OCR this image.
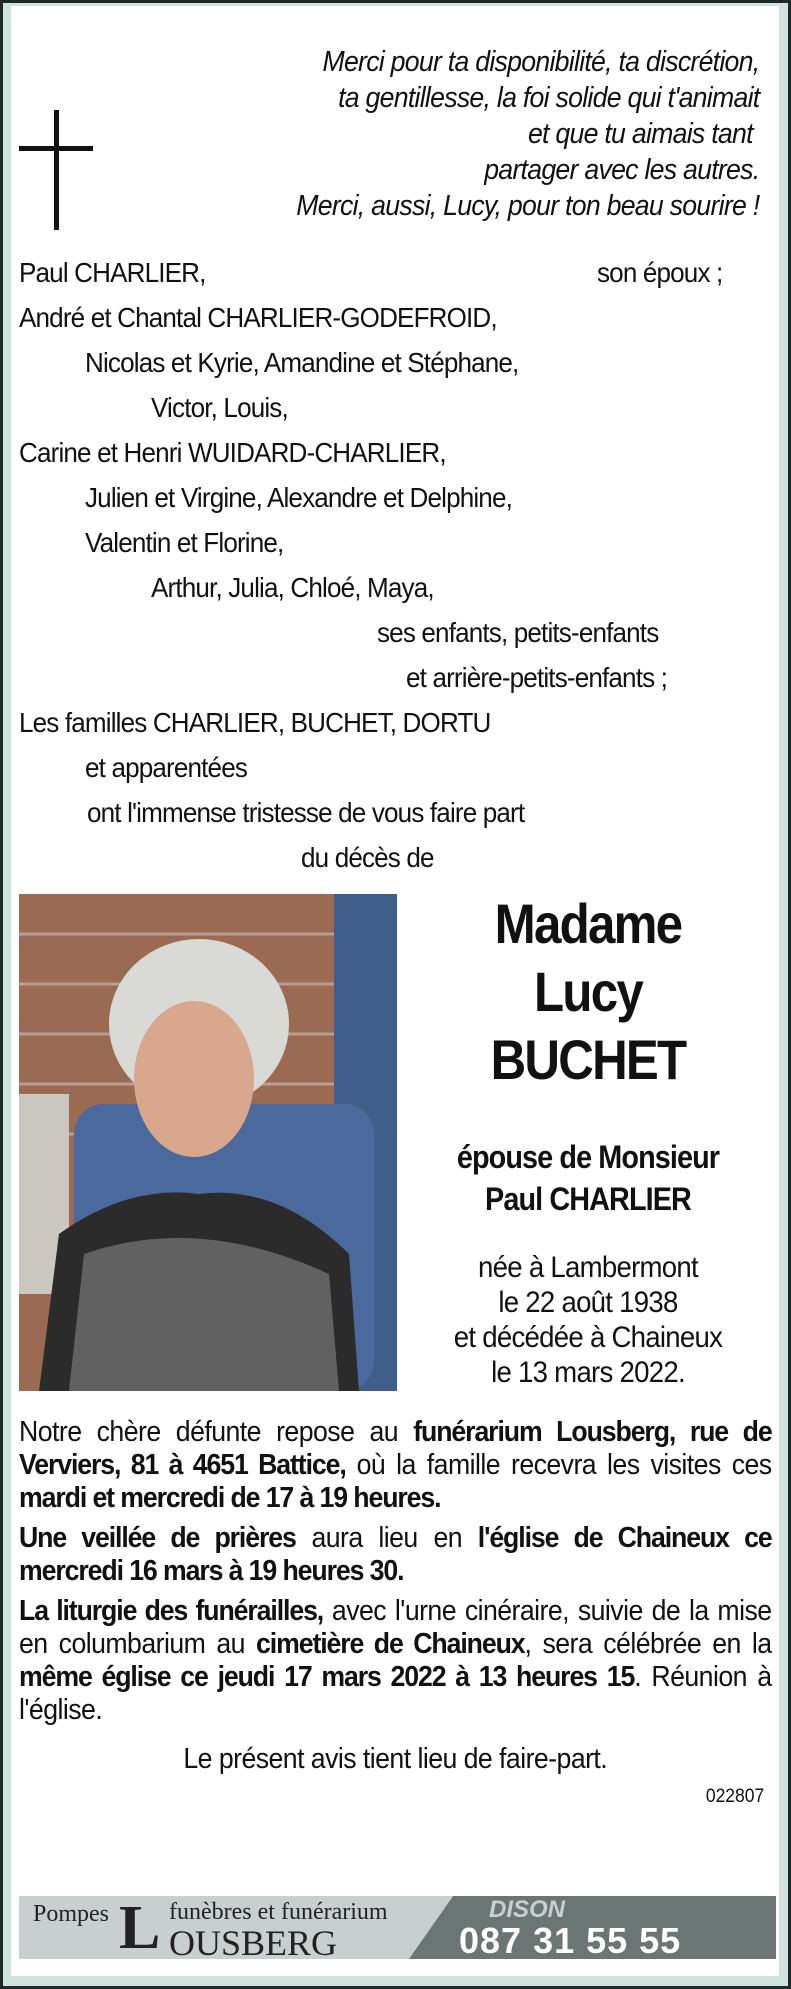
Merci pour ta disponibilité, ta discrétion,
ta gentillesse, la foi solide qui t'animait
et que tu aimais tant
partager avec les autres.
Merci, aussi, Lucy, pour ton beau sourire !
Paul CHARLIER,	son époux ;
André et Chantal CHARLIER-GODEFROID,
Nicolas et Kyrie, Amandine et Stéphane,
Victor, Louis,
Carine et Henri WUIDARD-CHARLIER,
Julien et Virgine, Alexandre et Delphine,
Valentin et Florine,
Arthur, Julia, Chloé, Maya,
ses enfants, petits-enfants
et arrière-petits-enfants ;
Les familles CHARLIER, BUCHET, DORTU
et apparentées
ont l'immense tristesse de vous faire part
du décès de
Madame
Lucy
BUCHET
épouse de Monsieur
Paul CHARLIER
née à Lambermont
le 22 août 1938
et décédée à Chaineux
le 13 mars 2022.

Notre chère défunte repose au funérarium Lousberg, rue de Verviers, 81 à 4651 Battice, où la famille recevra les visites ces mardi et mercredi de 17 à 19 heures.

Une veillée de prières aura lieu en l'église de Chaineux ce mercredi 16 mars à 19 heures 30.

La liturgie des funérailles, avec l'urne cinéraire, suivie de la mise en columbarium au cimetière de Chaineux, sera célébrée en la même église ce jeudi 17 mars 2022 à 13 heures 15. Réunion à l'église.

Le présent avis tient lieu de faire-part.
022807
Pompes L funèbres et funérarium
OUSBERG
DISON
087 31 55 55
